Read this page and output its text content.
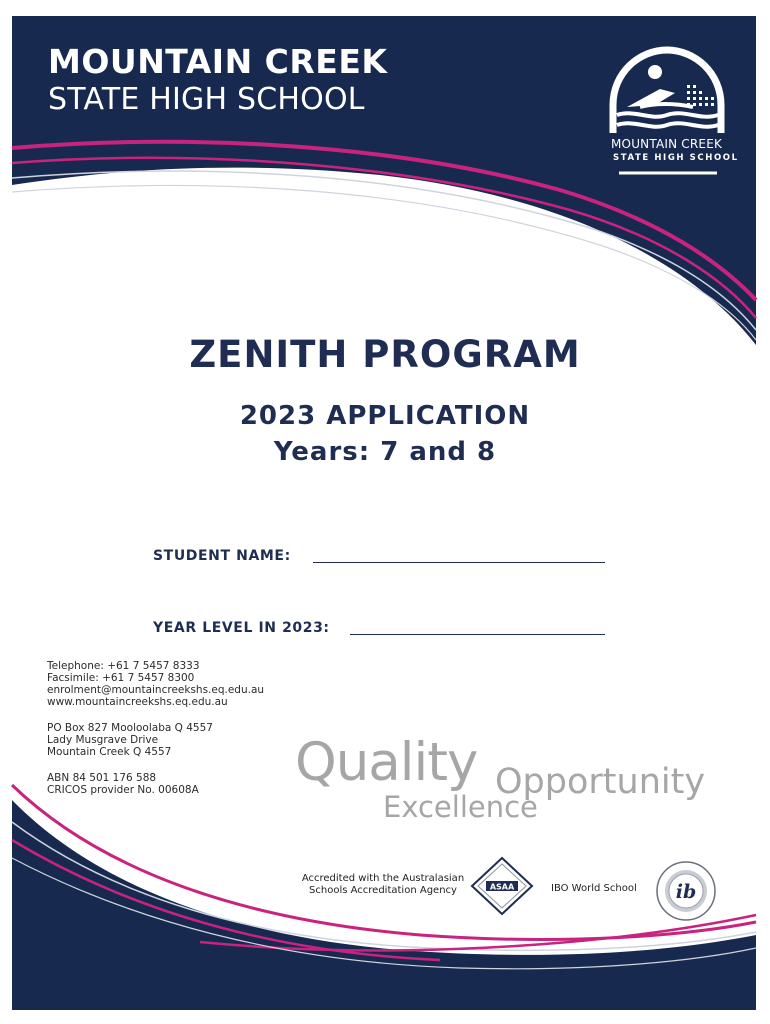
MOUNTAIN CREEK
STATE HIGH SCHOOL
MOUNTAIN CREEK
STATE HIGH SCHOOL
ZENITH PROGRAM
2023 APPLICATION
Years: 7 and 8
STUDENT NAME:
YEAR LEVEL IN 2023:
Telephone: +61 7 5457 8333
Facsimile: +61 7 5457 8300
enrolment@mountaincreekshs.eq.edu.au
www.mountaincreekshs.eq.edu.au
PO Box 827 Mooloolaba Q 4557
Lady Musgrave Drive
Mountain Creek Q 4557
ABN 84 501 176 588
CRICOS provider No. 00608A Quality Opportunity
Excellence
Accredited with the Australasian
Schools Accreditation Agency	ASAA	IBO World School ib
